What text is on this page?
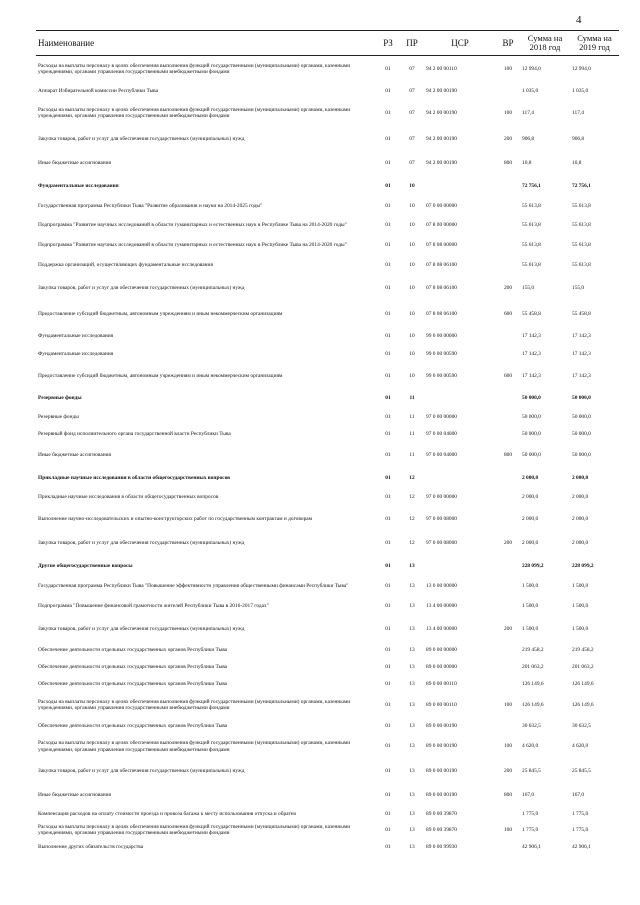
4
Наименование	РЗ	ПР	ЦСР	ВР	Сумма на 2018 год	Сумма на 2019 год
Расходы на выплаты персоналу в целях обеспечения выполнения функций государственными (муниципальными) органами, казенными учреждениями, органами управления государственными внебюджетными фондами	01	07	94 2 00 00110	100	12 994,0	12 994,0
Аппарат Избирательной комиссии Республики Тыва	01	07	94 2 00 00190		1 035,0	1 035,0
Расходы на выплаты персоналу в целях обеспечения выполнения функций государственными (муниципальными) органами, казенными учреждениями, органами управления государственными внебюджетными фондами	01	07	94 2 00 00190	100	117,4	117,4
Закупка товаров, работ и услуг для обеспечения государственных (муниципальных) нужд	01	07	94 2 00 00190	200	906,8	906,8
Иные бюджетные ассигнования	01	07	94 2 00 00190	800	10,8	10,8
Фундаментальные исследования	01	10			72 756,1	72 756,1
Государственная программа Республики Тыва "Развитие образования и науки на 2014-2025 годы"	01	10	07 0 00 00000		55 613,8	55 613,8
Подпрограмма "Развитие научных исследований в области гуманитарных и естественных наук в Республике Тыва на 2014-2020 годы"	01	10	07 8 00 00000		55 613,8	55 613,8
Подпрограмма "Развитие научных исследований в области гуманитарных и естественных наук в Республике Тыва на 2014-2020 годы"	01	10	07 8 08 00000		55 613,8	55 613,8
Поддержка организаций, осуществляющих фундаментальные исследования	01	10	07 8 08 06100		55 613,8	55 613,8
Закупка товаров, работ и услуг для обеспечения государственных (муниципальных) нужд	01	10	07 8 08 06100	200	155,0	155,0
Предоставление субсидий бюджетным, автономным учреждениям и иным некоммерческим организациям	01	10	07 8 08 06100	600	55 458,8	55 458,8
Фундаментальные исследования	01	10	99 0 00 00000		17 142,3	17 142,3
Фундаментальные исследования	01	10	99 0 00 00590		17 142,3	17 142,3
Предоставление субсидий бюджетным, автономным учреждениям и иным некоммерческим организациям	01	10	99 0 00 00590	600	17 142,3	17 142,3
Резервные фонды	01	11			50 000,0	50 000,0
Резервные фонды	01	11	97 0 00 00000		50 000,0	50 000,0
Резервный фонд исполнительного органа государственной власти Республики Тыва	01	11	97 0 00 04000		50 000,0	50 000,0
Иные бюджетные ассигнования	01	11	97 0 00 04000	800	50 000,0	50 000,0
Прикладные научные исследования в области общегосударственных вопросов	01	12			2 000,0	2 000,0
Прикладные научные исследования в области общегосударственных вопросов	01	12	97 0 00 00000		2 000,0	2 000,0
Выполнение научно-исследовательских и опытно-конструкторских работ по государственным контрактам и договорам	01	12	97 0 00 08000		2 000,0	2 000,0
Закупка товаров, работ и услуг для обеспечения государственных (муниципальных) нужд	01	12	97 0 00 08000	200	2 000,0	2 000,0
Другие общегосударственные вопросы	01	13			228 099,2	228 099,2
Государственная программа Республики Тыва "Повышение эффективности управления общественными финансами Республики Тыва"	01	13	13 0 00 00000		1 500,0	1 500,0
Подпрограмма "Повышение финансовой грамотности жителей Республики Тыва в 2016-2017 годах"	01	13	13 4 00 00000		1 500,0	1 500,0
Закупка товаров, работ и услуг для обеспечения государственных (муниципальных) нужд	01	13	13 4 00 00000	200	1 500,0	1 500,0
Обеспечение деятельности отдельных государственных органов Республики Тыва	01	13	89 0 00 00000		219 458,2	219 458,2
Обеспечение деятельности отдельных государственных органов Республики Тыва	01	13	89 0 00 00000		201 063,2	201 063,2
Обеспечение деятельности отдельных государственных органов Республики Тыва	01	13	89 0 00 00110		126 149,6	126 149,6
Расходы на выплаты персоналу в целях обеспечения выполнения функций государственными (муниципальными) органами, казенными учреждениями, органами управления государственными внебюджетными фондами	01	13	89 0 00 00110	100	126 149,6	126 149,6
Обеспечение деятельности отдельных государственных органов Республики Тыва	01	13	89 0 00 00190		30 632,5	30 632,5
Расходы на выплаты персоналу в целях обеспечения выполнения функций государственными (муниципальными) органами, казенными учреждениями, органами управления государственными внебюджетными фондами	01	13	89 0 00 00190	100	4 620,0	4 620,0
Закупка товаров, работ и услуг для обеспечения государственных (муниципальных) нужд	01	13	89 0 00 00190	200	25 845,5	25 845,5
Иные бюджетные ассигнования	01	13	89 0 00 00190	800	167,0	167,0
Компенсация расходов на оплату стоимости проезда и провоза багажа к месту использования отпуска и обратно	01	13	89 0 00 39870		1 775,0	1 775,0
Расходы на выплаты персоналу в целях обеспечения выполнения функций государственными (муниципальными) органами, казенными учреждениями, органами управления государственными внебюджетными фондами	01	13	89 0 00 39870	100	1 775,0	1 775,0
Выполнение других обязательств государства	01	13	89 0 00 99930		42 906,1	42 906,1
